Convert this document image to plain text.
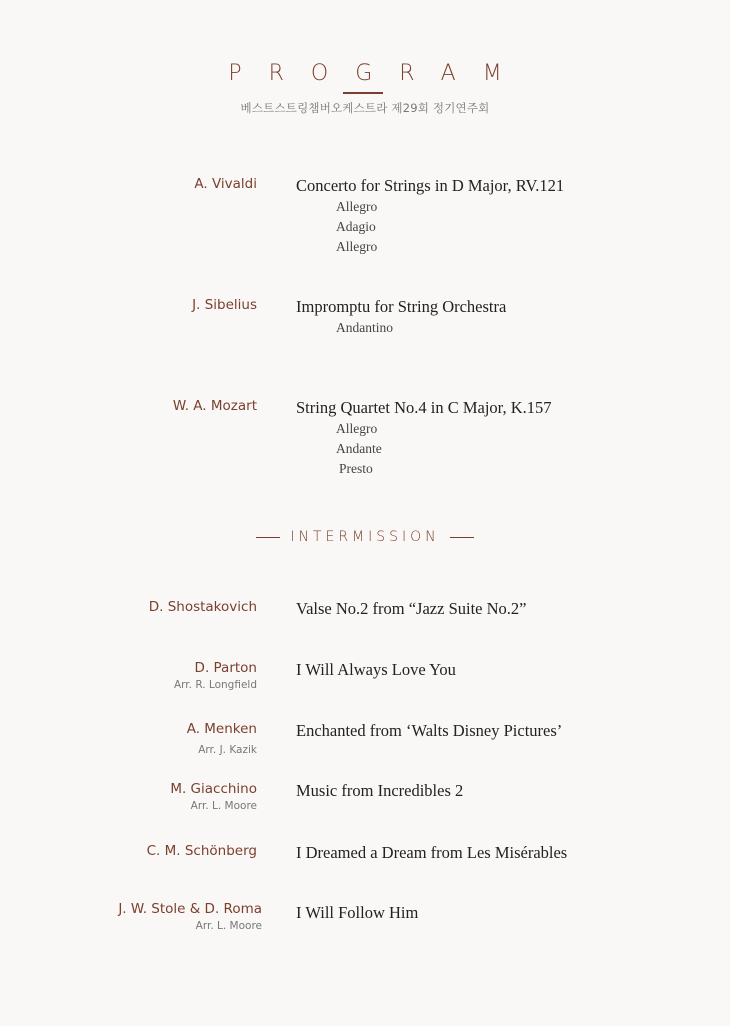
PROGRAM
베스트스트링챔버오케스트라 제29회 정기연주회
A. Vivaldi Concerto for Strings in D Major, RV.121
Allegro
Adagio
Allegro
J. Sibelius Impromptu for String Orchestra
Andantino
W. A. Mozart String Quartet No.4 in C Major, K.157
Allegro
Andante
Presto
INTERMISSION
D. Shostakovich Valse No.2 from “Jazz Suite No.2”
D. Parton
Arr. R. Longfield
I Will Always Love You
A. Menken
Arr. J. Kazik
Enchanted from ‘Walts Disney Pictures’
M. Giacchino
Arr. L. Moore
Music from Incredibles 2
C. M. Schönberg I Dreamed a Dream from Les Misérables
J. W. Stole & D. Roma
Arr. L. Moore
I Will Follow Him
